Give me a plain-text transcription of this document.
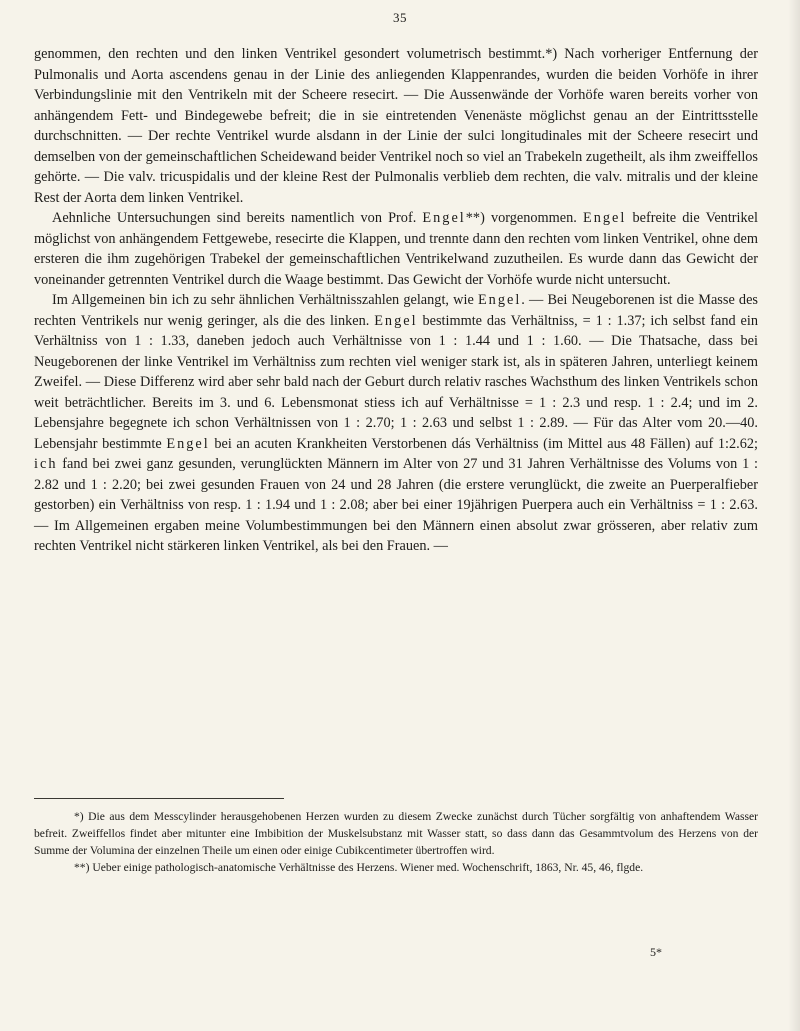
35

genommen, den rechten und den linken Ventrikel gesondert volumetrisch bestimmt.*) Nach vorheriger Entfernung der Pulmonalis und Aorta ascendens genau in der Linie des anliegenden Klappenrandes, wurden die beiden Vorhöfe in ihrer Verbindungslinie mit den Ventrikeln mit der Scheere resecirt. — Die Aussenwände der Vorhöfe waren bereits vorher von anhängendem Fett- und Bindegewebe befreit; die in sie eintretenden Venenäste möglichst genau an der Eintrittsstelle durchschnitten. — Der rechte Ventrikel wurde alsdann in der Linie der sulci longitudinales mit der Scheere resecirt und demselben von der gemeinschaftlichen Scheidewand beider Ventrikel noch so viel an Trabekeln zugetheilt, als ihm zweiffellos gehörte. — Die valv. tricuspidalis und der kleine Rest der Pulmonalis verblieb dem rechten, die valv. mitralis und der kleine Rest der Aorta dem linken Ventrikel.

Aehnliche Untersuchungen sind bereits namentlich von Prof. Engel**) vorgenommen. Engel befreite die Ventrikel möglichst von anhängendem Fettgewebe, resecirte die Klappen, und trennte dann den rechten vom linken Ventrikel, ohne dem ersteren die ihm zugehörigen Trabekel der gemeinschaftlichen Ventrikelwand zuzutheilen. Es wurde dann das Gewicht der voneinander getrennten Ventrikel durch die Waage bestimmt. Das Gewicht der Vorhöfe wurde nicht untersucht.

Im Allgemeinen bin ich zu sehr ähnlichen Verhältnisszahlen gelangt, wie Engel. — Bei Neugeborenen ist die Masse des rechten Ventrikels nur wenig geringer, als die des linken. Engel bestimmte das Verhältniss, = 1 : 1.37; ich selbst fand ein Verhältniss von 1 : 1.33, daneben jedoch auch Verhältnisse von 1 : 1.44 und 1 : 1.60. — Die Thatsache, dass bei Neugeborenen der linke Ventrikel im Verhältniss zum rechten viel weniger stark ist, als in späteren Jahren, unterliegt keinem Zweifel. — Diese Differenz wird aber sehr bald nach der Geburt durch relativ rasches Wachsthum des linken Ventrikels schon weit beträchtlicher. Bereits im 3. und 6. Lebensmonat stiess ich auf Verhältnisse = 1 : 2.3 und resp. 1 : 2.4; und im 2. Lebensjahre begegnete ich schon Verhältnissen von 1 : 2.70; 1 : 2.63 und selbst 1 : 2.89. — Für das Alter vom 20.—40. Lebensjahr bestimmte Engel bei an acuten Krankheiten Verstorbenen dás Verhältniss (im Mittel aus 48 Fällen) auf 1:2.62; ich fand bei zwei ganz gesunden, verunglückten Männern im Alter von 27 und 31 Jahren Verhältnisse des Volums von 1 : 2.82 und 1 : 2.20; bei zwei gesunden Frauen von 24 und 28 Jahren (die erstere verunglückt, die zweite an Puerperalfieber gestorben) ein Verhältniss von resp. 1 : 1.94 und 1 : 2.08; aber bei einer 19jährigen Puerpera auch ein Verhältniss = 1 : 2.63. — Im Allgemeinen ergaben meine Volumbestimmungen bei den Männern einen absolut zwar grösseren, aber relativ zum rechten Ventrikel nicht stärkeren linken Ventrikel, als bei den Frauen. —

*) Die aus dem Messcylinder herausgehobenen Herzen wurden zu diesem Zwecke zunächst durch Tücher sorgfältig von anhaftendem Wasser befreit. Zweiffellos findet aber mitunter eine Imbibition der Muskelsubstanz mit Wasser statt, so dass dann das Gesammtvolum des Herzens von der Summe der Volumina der einzelnen Theile um einen oder einige Cubikcentimeter übertroffen wird.

**) Ueber einige pathologisch-anatomische Verhältnisse des Herzens. Wiener med. Wochenschrift, 1863, Nr. 45, 46, flgde.

5*
